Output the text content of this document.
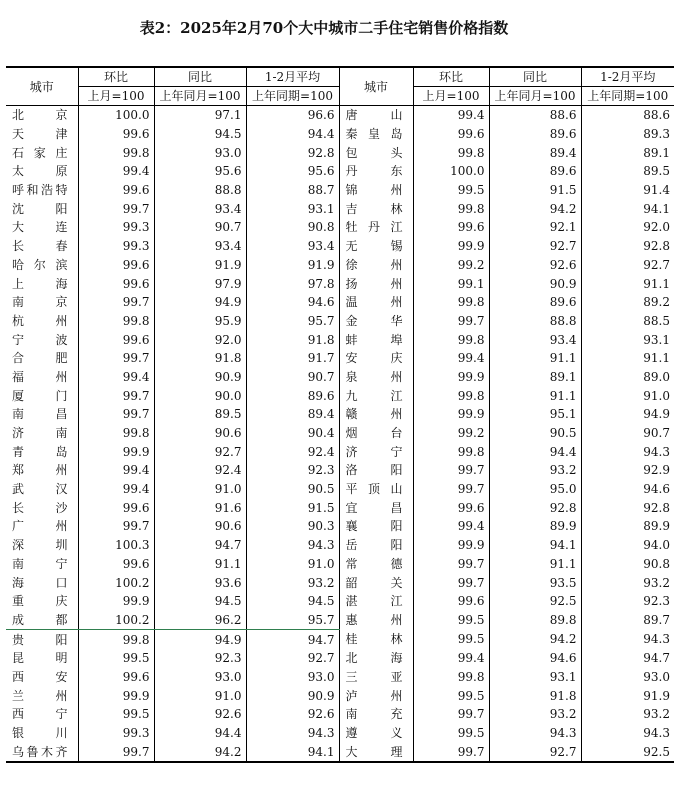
表2：2025年2月70个大中城市二手住宅销售价格指数
城市	环比	同比	1-2月平均	城市	环比	同比	1-2月平均
	上月=100	上年同月=100	上年同期=100		上月=100	上年同月=100	上年同期=100
北京	100.0	97.1	96.6	唐山	99.4	88.6	88.6
天津	99.6	94.5	94.4	秦皇岛	99.6	89.6	89.3
石家庄	99.8	93.0	92.8	包头	99.8	89.4	89.1
太原	99.4	95.6	95.6	丹东	100.0	89.6	89.5
呼和浩特	99.6	88.8	88.7	锦州	99.5	91.5	91.4
沈阳	99.7	93.4	93.1	吉林	99.8	94.2	94.1
大连	99.3	90.7	90.8	牡丹江	99.6	92.1	92.0
长春	99.3	93.4	93.4	无锡	99.9	92.7	92.8
哈尔滨	99.6	91.9	91.9	徐州	99.2	92.6	92.7
上海	99.6	97.9	97.8	扬州	99.1	90.9	91.1
南京	99.7	94.9	94.6	温州	99.8	89.6	89.2
杭州	99.8	95.9	95.7	金华	99.7	88.8	88.5
宁波	99.6	92.0	91.8	蚌埠	99.8	93.4	93.1
合肥	99.7	91.8	91.7	安庆	99.4	91.1	91.1
福州	99.4	90.9	90.7	泉州	99.9	89.1	89.0
厦门	99.7	90.0	89.6	九江	99.8	91.1	91.0
南昌	99.7	89.5	89.4	赣州	99.9	95.1	94.9
济南	99.8	90.6	90.4	烟台	99.2	90.5	90.7
青岛	99.9	92.7	92.4	济宁	99.8	94.4	94.3
郑州	99.4	92.4	92.3	洛阳	99.7	93.2	92.9
武汉	99.4	91.0	90.5	平顶山	99.7	95.0	94.6
长沙	99.6	91.6	91.5	宜昌	99.6	92.8	92.8
广州	99.7	90.6	90.3	襄阳	99.4	89.9	89.9
深圳	100.3	94.7	94.3	岳阳	99.9	94.1	94.0
南宁	99.6	91.1	91.0	常德	99.7	91.1	90.8
海口	100.2	93.6	93.2	韶关	99.7	93.5	93.2
重庆	99.9	94.5	94.5	湛江	99.6	92.5	92.3
成都	100.2	96.2	95.7	惠州	99.5	89.8	89.7
贵阳	99.8	94.9	94.7	桂林	99.5	94.2	94.3
昆明	99.5	92.3	92.7	北海	99.4	94.6	94.7
西安	99.6	93.0	93.0	三亚	99.8	93.1	93.0
兰州	99.9	91.0	90.9	泸州	99.5	91.8	91.9
西宁	99.5	92.6	92.6	南充	99.7	93.2	93.2
银川	99.3	94.4	94.3	遵义	99.5	94.3	94.3
乌鲁木齐	99.7	94.2	94.1	大理	99.7	92.7	92.5
